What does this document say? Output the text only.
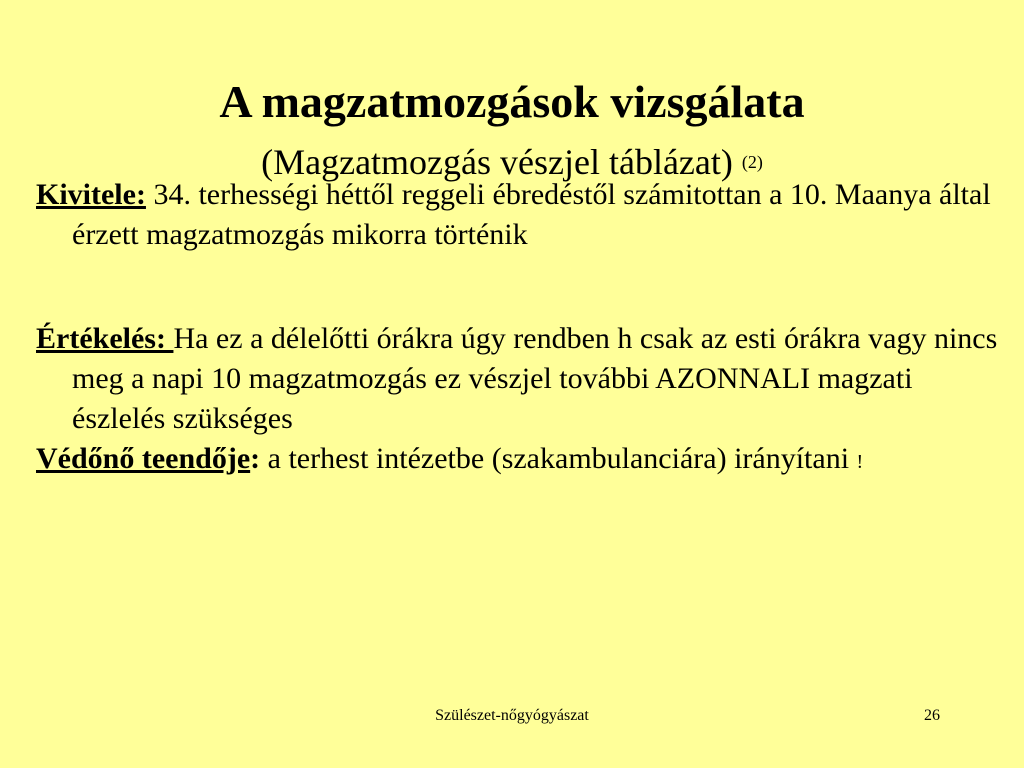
A magzatmozgások vizsgálata
(Magzatmozgás vészjel táblázat) (2)

Kivitele: 34. terhességi héttől reggeli ébredéstől számitottan a 10. Maanya által érzett magzatmozgás mikorra történik

Értékelés: Ha ez a délelőtti órákra úgy rendben h csak az esti órákra vagy nincs meg a napi 10 magzatmozgás ez vészjel további AZONNALI magzati észlelés szükséges

Védőnő teendője: a terhest intézetbe (szakambulanciára) irányítani !

Szülészet-nőgyógyászat	26
